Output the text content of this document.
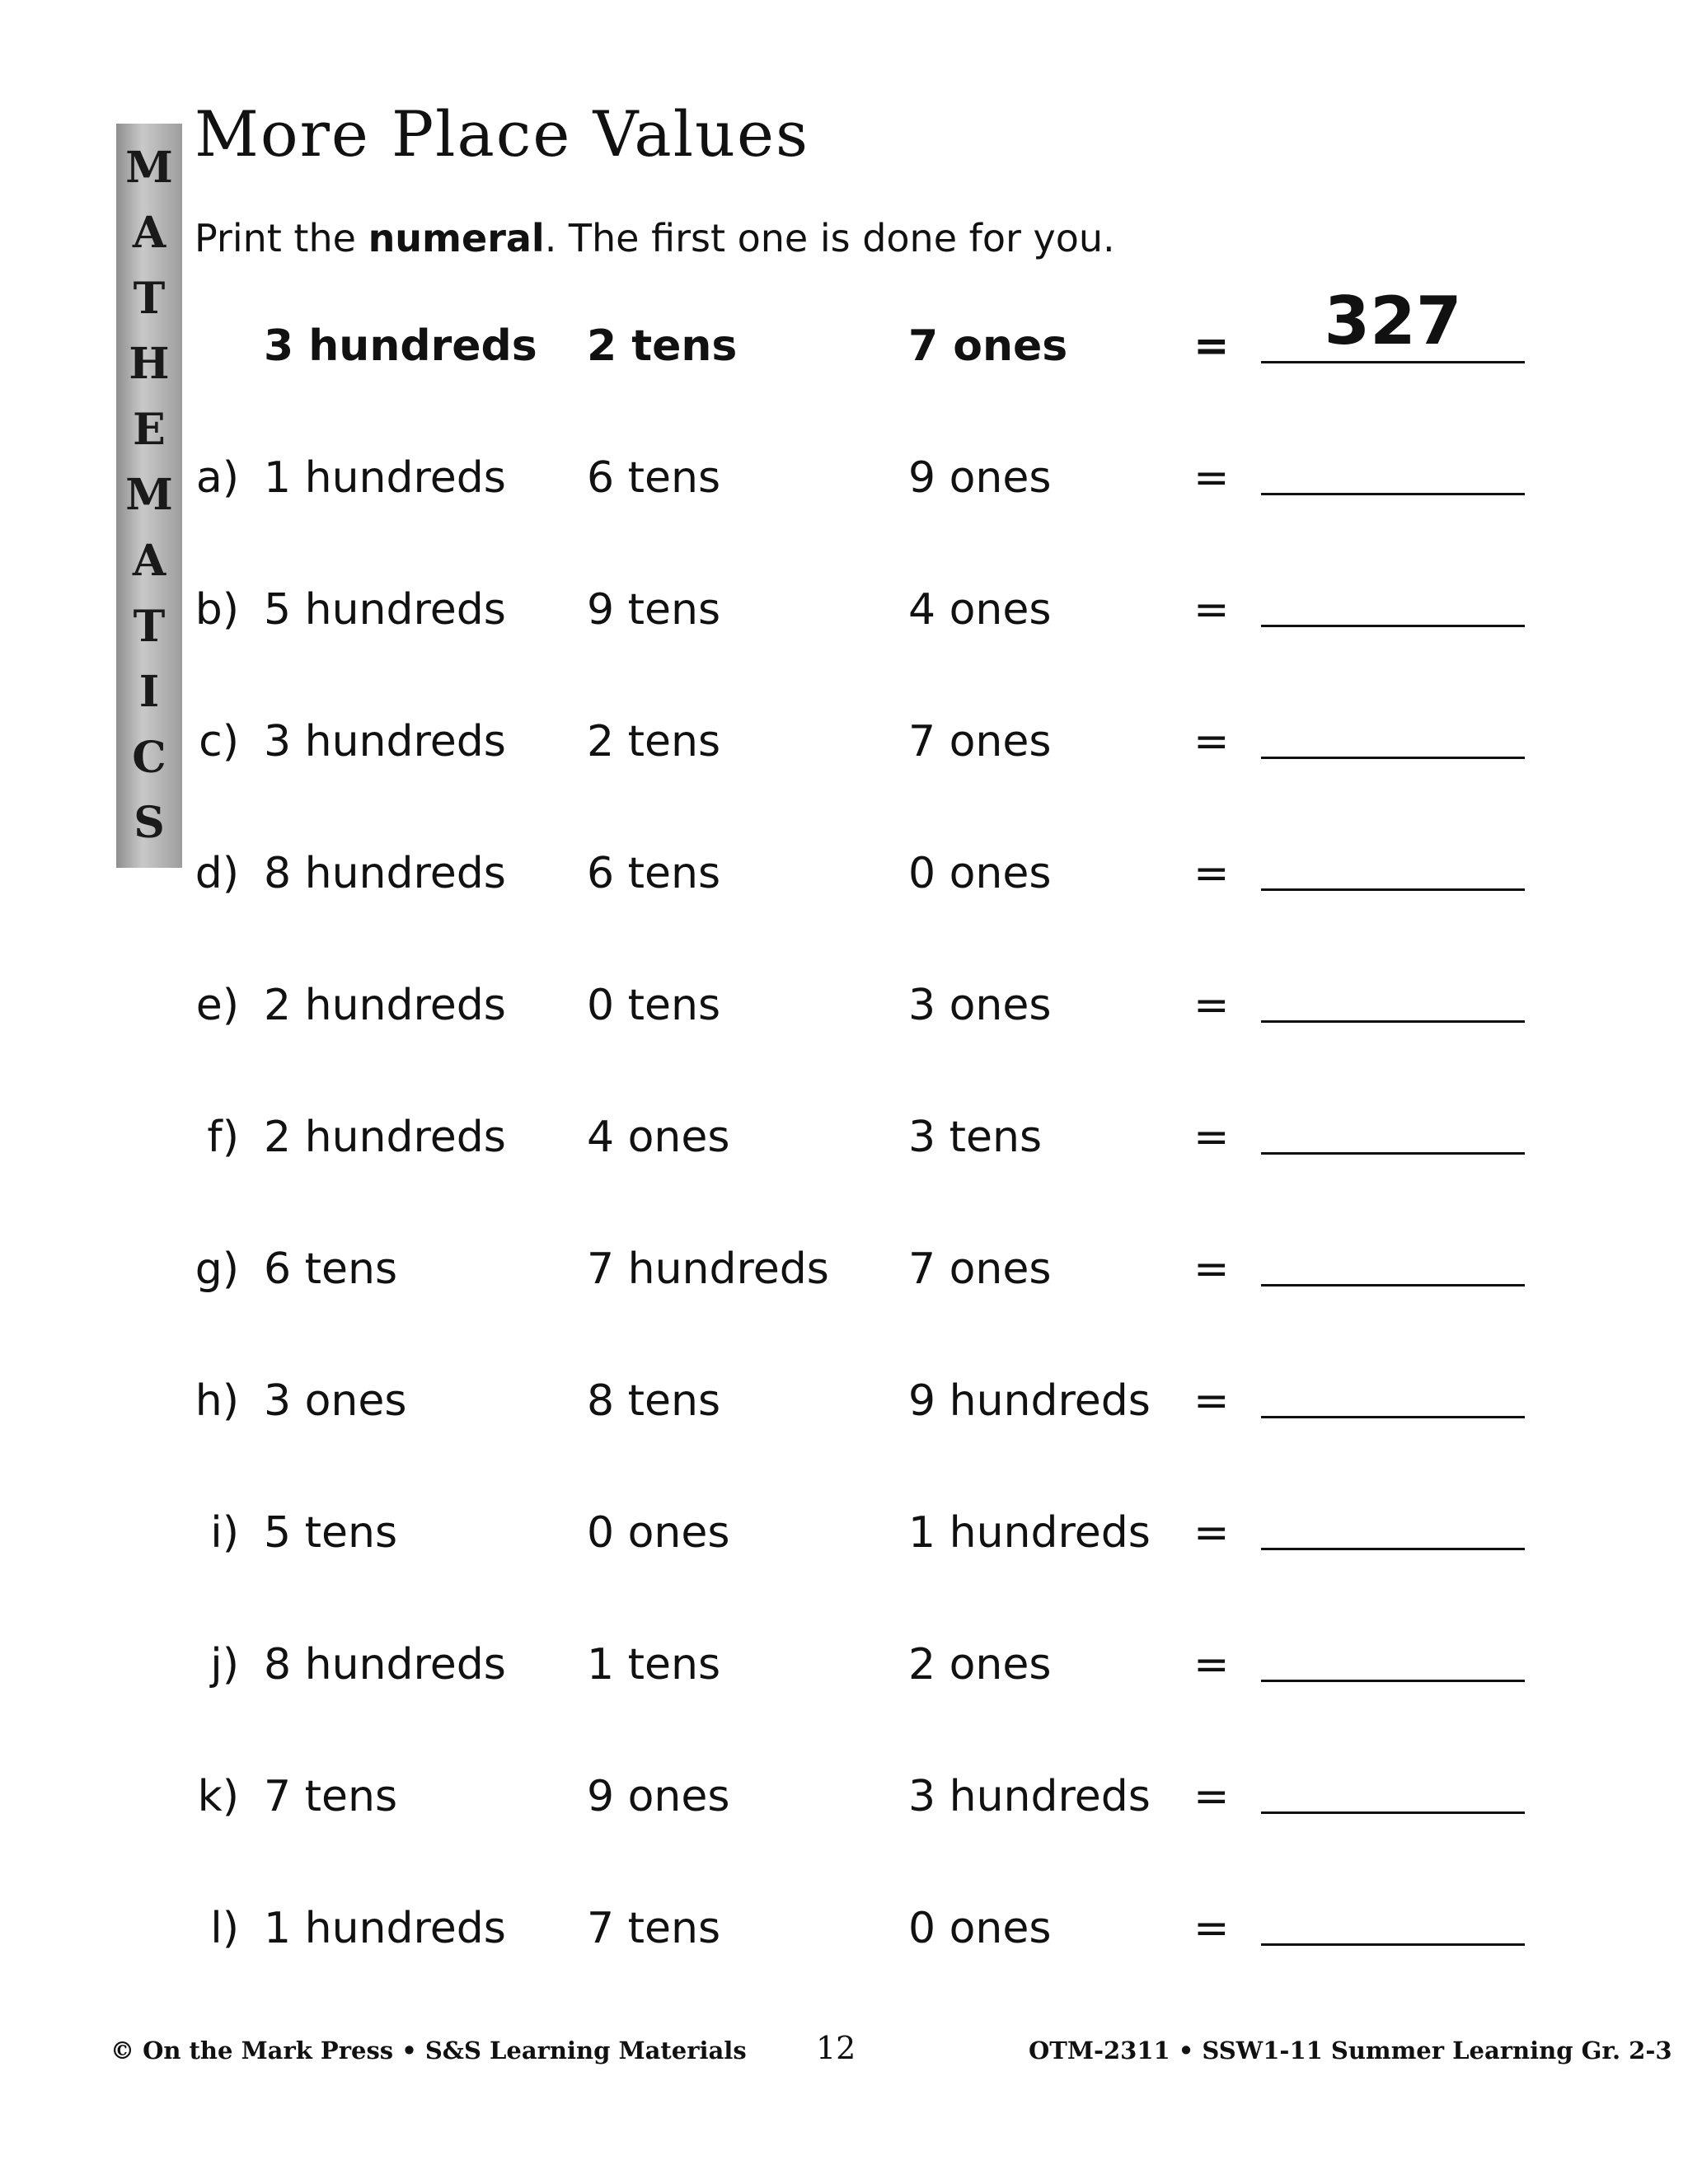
M
A
T
H
E
M
A
T
I
C
S
More Place Values
Print the numeral. The first one is done for you.
3 hundreds 2 tens	7 ones	=	327
a) 1 hundreds 6 tens	9 ones	=
b) 5 hundreds 9 tens	4 ones	=
c) 3 hundreds 2 tens	7 ones	=
d) 8 hundreds 6 tens	0 ones	=
e) 2 hundreds 0 tens	3 ones	=
f) 2 hundreds 4 ones	3 tens	=
g) 6 tens	7 hundreds 7 ones	=
h) 3 ones	8 tens	9 hundreds =
i) 5 tens	0 ones	1 hundreds =
j) 8 hundreds 1 tens	2 ones	=
k) 7 tens	9 ones	3 hundreds =
l) 1 hundreds 7 tens	0 ones	=
© On the Mark Press • S&S Learning Materials 12	OTM-2311 • SSW1-11 Summer Learning Gr. 2-3
